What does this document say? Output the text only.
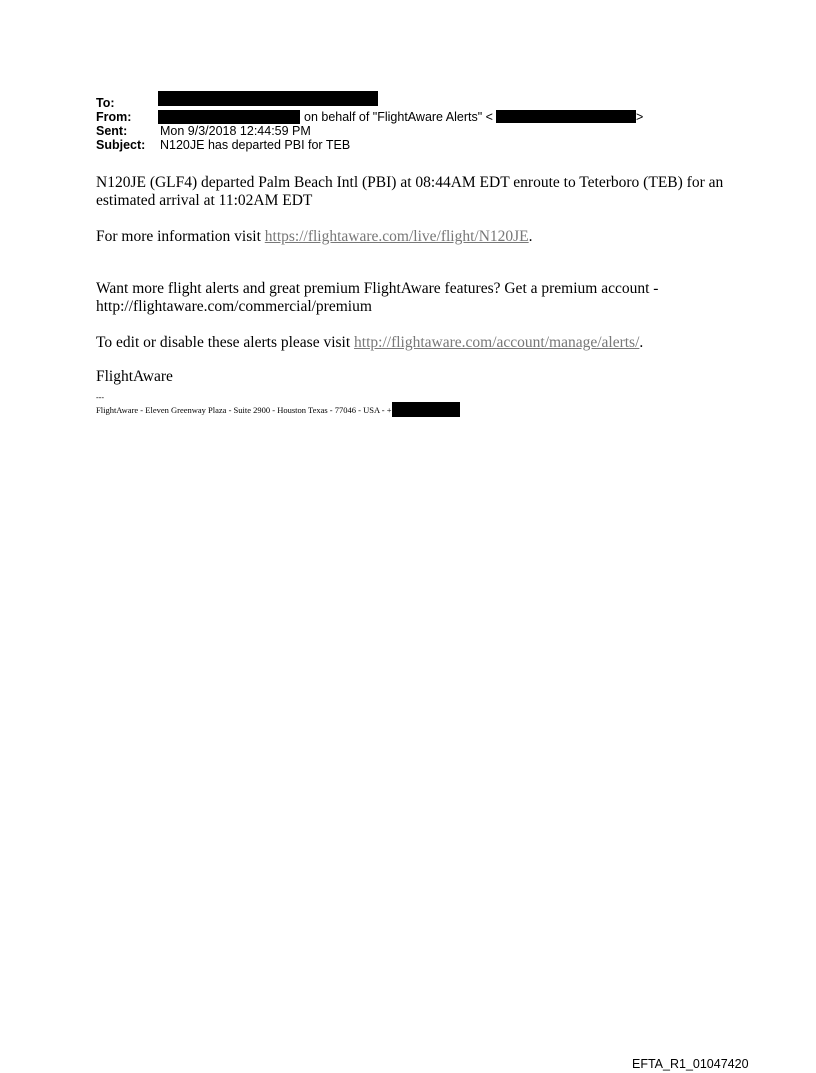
To:
From:	on behalf of "FlightAware Alerts" <	>
Sent:	Mon 9/3/2018 12:44:59 PM
Subject: N120JE has departed PBI for TEB

N120JE (GLF4) departed Palm Beach Intl (PBI) at 08:44AM EDT enroute to Teterboro (TEB) for an estimated arrival at 11:02AM EDT

For more information visit https://flightaware.com/live/flight/N120JE.

Want more flight alerts and great premium FlightAware features? Get a premium account - http://flightaware.com/commercial/premium

To edit or disable these alerts please visit http://flightaware.com/account/manage/alerts/.

FlightAware

---
FlightAware - Eleven Greenway Plaza - Suite 2900 - Houston Texas - 77046 - USA - +
EFTA_R1_01047420
